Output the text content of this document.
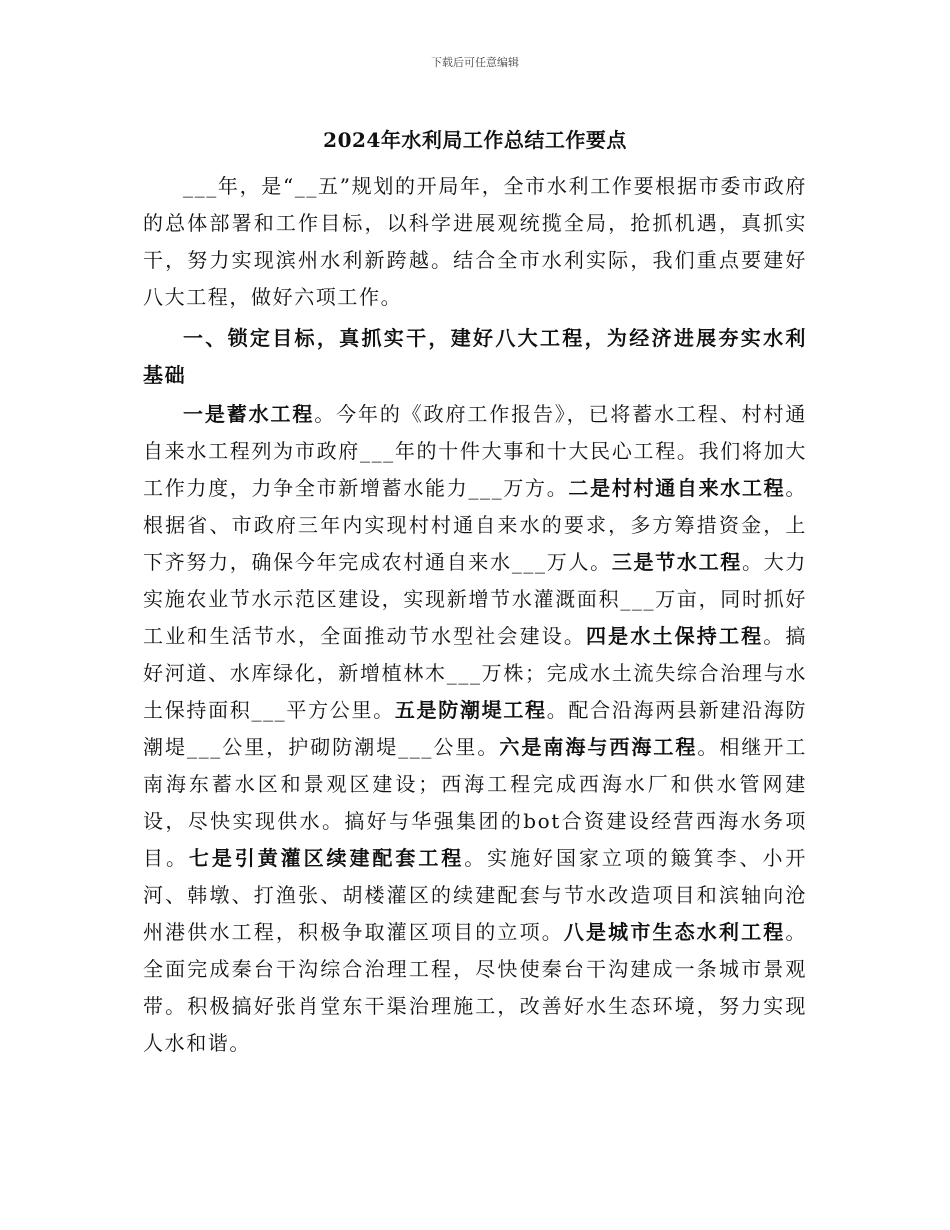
下载后可任意编辑
2024年水利局工作总结工作要点

___年，是“__五”规划的开局年，全市水利工作要根据市委市政府的总体部署和工作目标，以科学进展观统揽全局，抢抓机遇，真抓实干，努力实现滨州水利新跨越。结合全市水利实际，我们重点要建好八大工程，做好六项工作。

一、锁定目标，真抓实干，建好八大工程，为经济进展夯实水利基础

一是蓄水工程。今年的《政府工作报告》，已将蓄水工程、村村通自来水工程列为市政府___年的十件大事和十大民心工程。我们将加大工作力度，力争全市新增蓄水能力___万方。二是村村通自来水工程。根据省、市政府三年内实现村村通自来水的要求，多方筹措资金，上下齐努力，确保今年完成农村通自来水___万人。三是节水工程。大力实施农业节水示范区建设，实现新增节水灌溉面积___万亩，同时抓好工业和生活节水，全面推动节水型社会建设。四是水土保持工程。搞好河道、水库绿化，新增植林木___万株；完成水土流失综合治理与水土保持面积___平方公里。五是防潮堤工程。配合沿海两县新建沿海防潮堤___公里，护砌防潮堤___公里。六是南海与西海工程。相继开工南海东蓄水区和景观区建设；西海工程完成西海水厂和供水管网建设，尽快实现供水。搞好与华强集团的bot合资建设经营西海水务项目。七是引黄灌区续建配套工程。实施好国家立项的簸箕李、小开河、韩墩、打渔张、胡楼灌区的续建配套与节水改造项目和滨轴向沧州港供水工程，积极争取灌区项目的立项。八是城市生态水利工程。全面完成秦台干沟综合治理工程，尽快使秦台干沟建成一条城市景观带。积极搞好张肖堂东干渠治理施工，改善好水生态环境，努力实现人水和谐。
